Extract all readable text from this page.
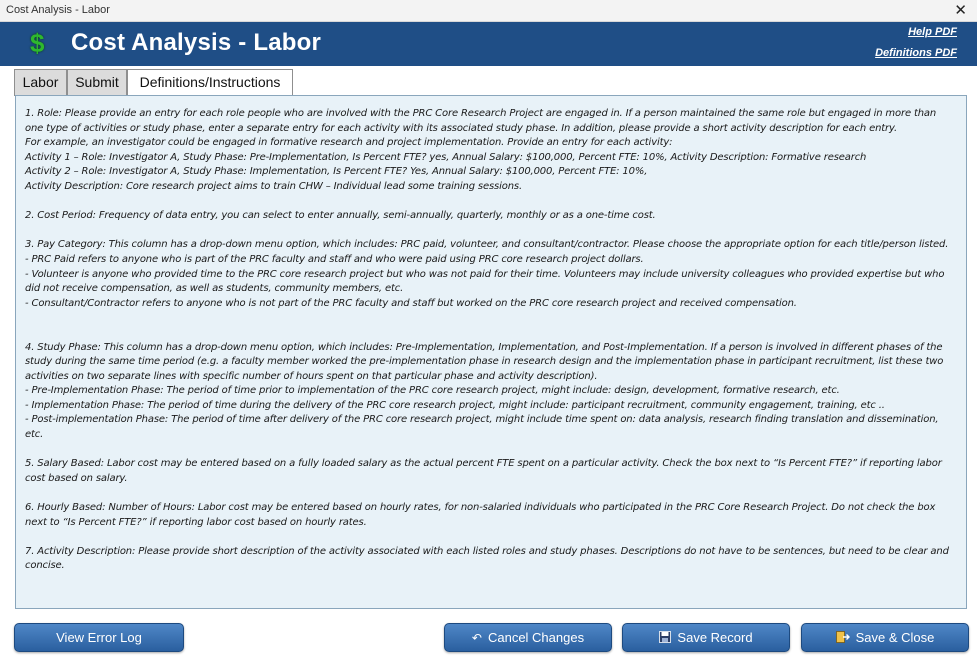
Cost Analysis - Labor	✕
$ Cost Analysis - Labor	Help PDF
Definitions PDF
Labor	Submit	Definitions/Instructions

1. Role: Please provide an entry for each role people who are involved with the PRC Core Research Project are engaged in. If a person maintained the same role but engaged in more than one type of activities or study phase, enter a separate entry for each activity with its associated study phase. In addition, please provide a short activity description for each entry.

For example, an investigator could be engaged in formative research and project implementation. Provide an entry for each activity:

Activity 1 – Role: Investigator A, Study Phase: Pre-Implementation, Is Percent FTE? yes, Annual Salary: $100,000, Percent FTE: 10%, Activity Description: Formative research

Activity 2 – Role: Investigator A, Study Phase: Implementation, Is Percent FTE? Yes, Annual Salary: $100,000, Percent FTE: 10%,

Activity Description: Core research project aims to train CHW – Individual lead some training sessions.

2. Cost Period: Frequency of data entry, you can select to enter annually, semi-annually, quarterly, monthly or as a one-time cost.

3. Pay Category: This column has a drop-down menu option, which includes: PRC paid, volunteer, and consultant/contractor. Please choose the appropriate option for each title/person listed.

- PRC Paid refers to anyone who is part of the PRC faculty and staff and who were paid using PRC core research project dollars.

- Volunteer is anyone who provided time to the PRC core research project but who was not paid for their time. Volunteers may include university colleagues who provided expertise but who did not receive compensation, as well as students, community members, etc.

- Consultant/Contractor refers to anyone who is not part of the PRC faculty and staff but worked on the PRC core research project and received compensation.

4. Study Phase: This column has a drop-down menu option, which includes: Pre-Implementation, Implementation, and Post-Implementation. If a person is involved in different phases of the study during the same time period (e.g. a faculty member worked the pre-implementation phase in research design and the implementation phase in participant recruitment, list these two activities on two separate lines with specific number of hours spent on that particular phase and activity description).

- Pre-Implementation Phase: The period of time prior to implementation of the PRC core research project, might include: design, development, formative research, etc.

- Implementation Phase: The period of time during the delivery of the PRC core research project, might include: participant recruitment, community engagement, training, etc ..

- Post-implementation Phase: The period of time after delivery of the PRC core research project, might include time spent on: data analysis, research finding translation and dissemination, etc.

5. Salary Based: Labor cost may be entered based on a fully loaded salary as the actual percent FTE spent on a particular activity. Check the box next to “Is Percent FTE?” if reporting labor cost based on salary.

6. Hourly Based: Number of Hours: Labor cost may be entered based on hourly rates, for non-salaried individuals who participated in the PRC Core Research Project. Do not check the box next to “Is Percent FTE?” if reporting labor cost based on hourly rates.

7. Activity Description: Please provide short description of the activity associated with each listed roles and study phases. Descriptions do not have to be sentences, but need to be clear and concise.

View Error Log	↶ Cancel Changes	Save Record	Save & Close
